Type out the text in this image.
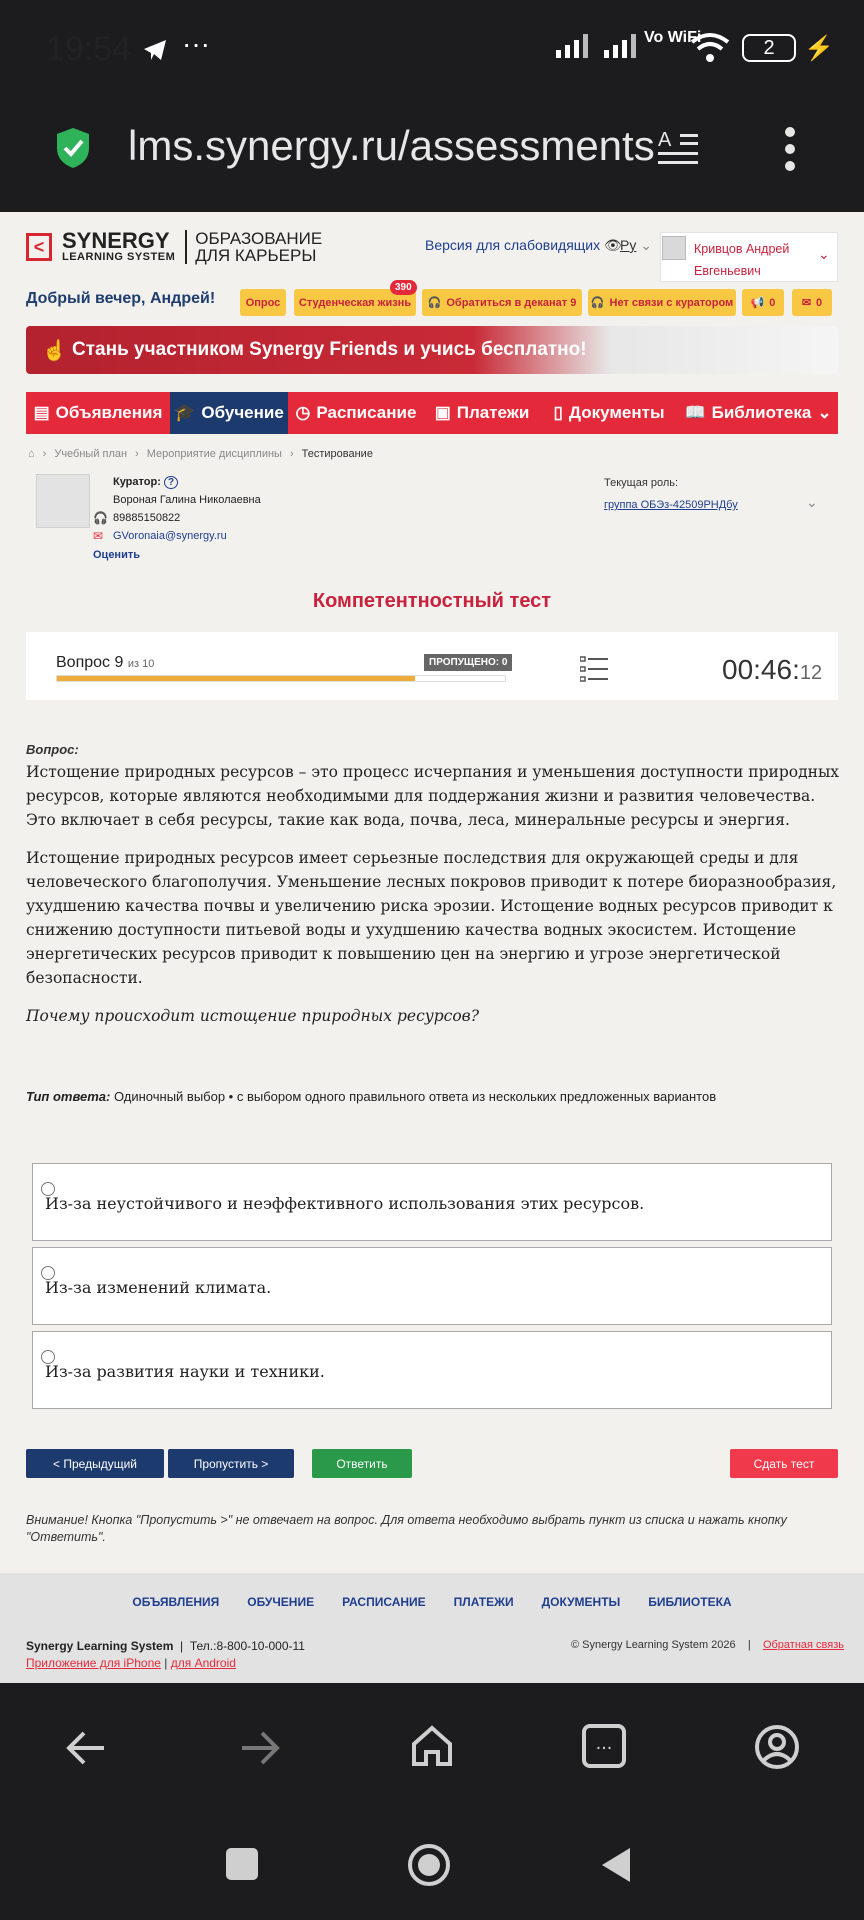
19:54 ···	Vo WiFi	2	⚡
lms.synergy.ru/assessments A
< SYNERGY
LEARNING SYSTEM
ОБРАЗОВАНИЕ
ДЛЯ КАРЬЕРЫ
Версия для слабовидящих 👁
Ру ⌄	Кривцов Андрей Евгеньевич
⌄
Добрый вечер, Андрей!	Опрос Студенческая жизнь
390
🎧 Обратиться в деканат 9 🎧 Нет связи с куратором 📢 0 ✉ 0
☝ Стань участником Synergy Friends и учись бесплатно!
▤ Объявления 🎓 Обучение ◷ Расписание ▣ Платежи ▯ Документы 📖 Библиотека ⌄
⌂ › Учебный план › Мероприятие дисциплины › Тестирование
Куратор: ?
Вороная Галина Николаевна
🎧 89885150822
✉ GVoronaia@synergy.ru
Оценить
Текущая роль:
группа ОБЭз-42509РНДбу	⌄
Компетентностный тест
Вопрос 9 из 10	ПРОПУЩЕНО: 0	00:46:12
Вопрос:

Истощение природных ресурсов – это процесс исчерпания и уменьшения доступности природных ресурсов, которые являются необходимыми для поддержания жизни и развития человечества. Это включает в себя ресурсы, такие как вода, почва, леса, минеральные ресурсы и энергия.

Истощение природных ресурсов имеет серьезные последствия для окружающей среды и для человеческого благополучия. Уменьшение лесных покровов приводит к потере биоразнообразия, ухудшению качества почвы и увеличению риска эрозии. Истощение водных ресурсов приводит к снижению доступности питьевой воды и ухудшению качества водных экосистем. Истощение энергетических ресурсов приводит к повышению цен на энергию и угрозе энергетической безопасности.

Почему происходит истощение природных ресурсов?

Тип ответа: Одиночный выбор • с выбором одного правильного ответа из нескольких предложенных вариантов
Из-за неустойчивого и неэффективного использования этих ресурсов.
Из-за изменений климата.
Из-за развития науки и техники.
< Предыдущий	Пропустить >	Ответить	Сдать тест
Внимание! Кнопка "Пропустить >" не отвечает на вопрос. Для ответа необходимо выбрать пункт из списка и нажать кнопку "Ответить".
ОБЪЯВЛЕНИЯ ОБУЧЕНИЕ РАСПИСАНИЕ ПЛАТЕЖИ ДОКУМЕНТЫ БИБЛИОТЕКА
Synergy Learning System  |  Тел.:8-800-10-000-11
Приложение для iPhone | для Android
© Synergy Learning System 2026    |    Обратная связь
...
